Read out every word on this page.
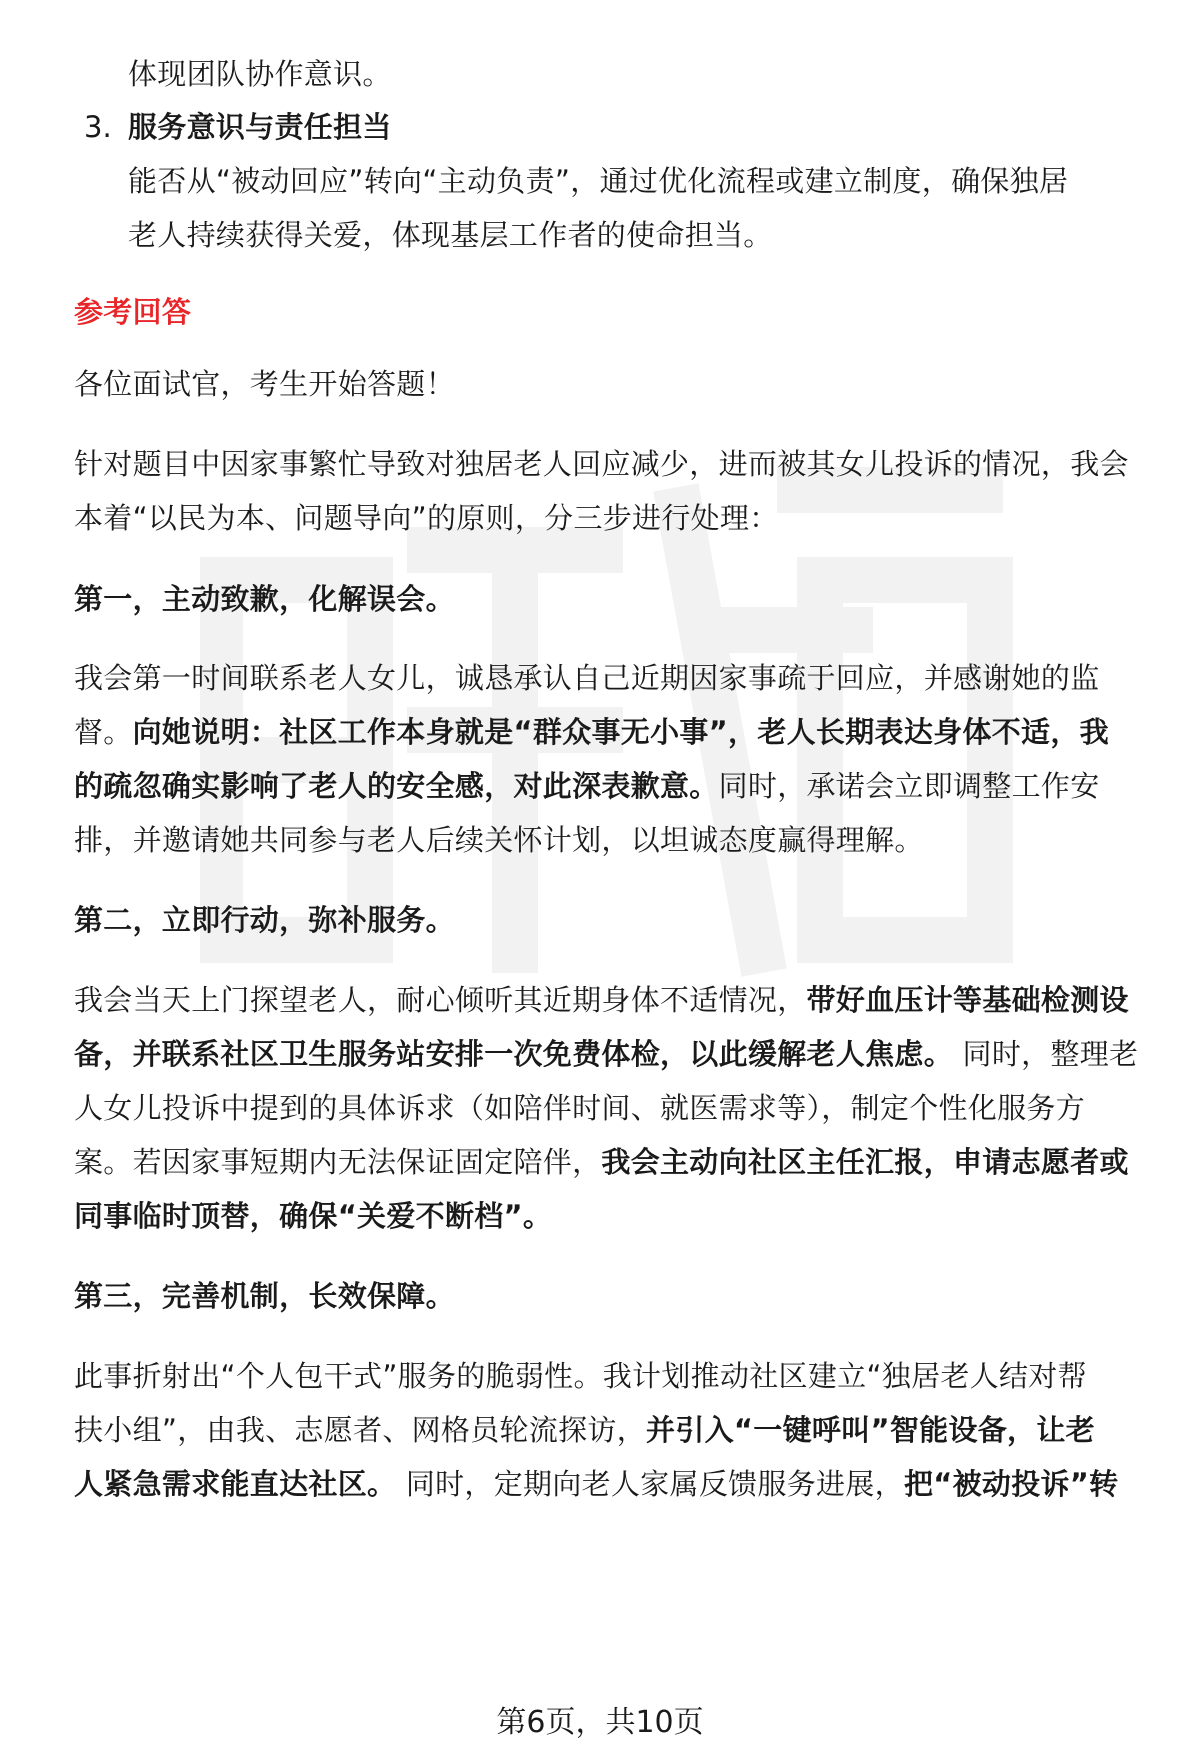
体现团队协作意识。
3. 服务意识与责任担当
能否从“被动回应”转向“主动负责”，通过优化流程或建立制度，确保独居
老人持续获得关爱，体现基层工作者的使命担当。
参考回答
各位面试官，考生开始答题！
针对题目中因家事繁忙导致对独居老人回应减少，进而被其女儿投诉的情况，我会
本着“以民为本、问题导向”的原则，分三步进行处理：
第一，主动致歉，化解误会。
我会第一时间联系老人女儿，诚恳承认自己近期因家事疏于回应，并感谢她的监
督。向她说明：社区工作本身就是“群众事无小事”，老人长期表达身体不适，我
的疏忽确实影响了老人的安全感，对此深表歉意。同时，承诺会立即调整工作安
排，并邀请她共同参与老人后续关怀计划，以坦诚态度赢得理解。
第二，立即行动，弥补服务。
我会当天上门探望老人，耐心倾听其近期身体不适情况，带好血压计等基础检测设
备，并联系社区卫生服务站安排一次免费体检，以此缓解老人焦虑。 同时，整理老
人女儿投诉中提到的具体诉求（如陪伴时间、就医需求等），制定个性化服务方
案。若因家事短期内无法保证固定陪伴，我会主动向社区主任汇报，申请志愿者或
同事临时顶替，确保“关爱不断档”。
第三，完善机制，长效保障。
此事折射出“个人包干式”服务的脆弱性。我计划推动社区建立“独居老人结对帮
扶小组”，由我、志愿者、网格员轮流探访，并引入“一键呼叫”智能设备，让老
人紧急需求能直达社区。 同时，定期向老人家属反馈服务进展，把“被动投诉”转
第6页，共10页
